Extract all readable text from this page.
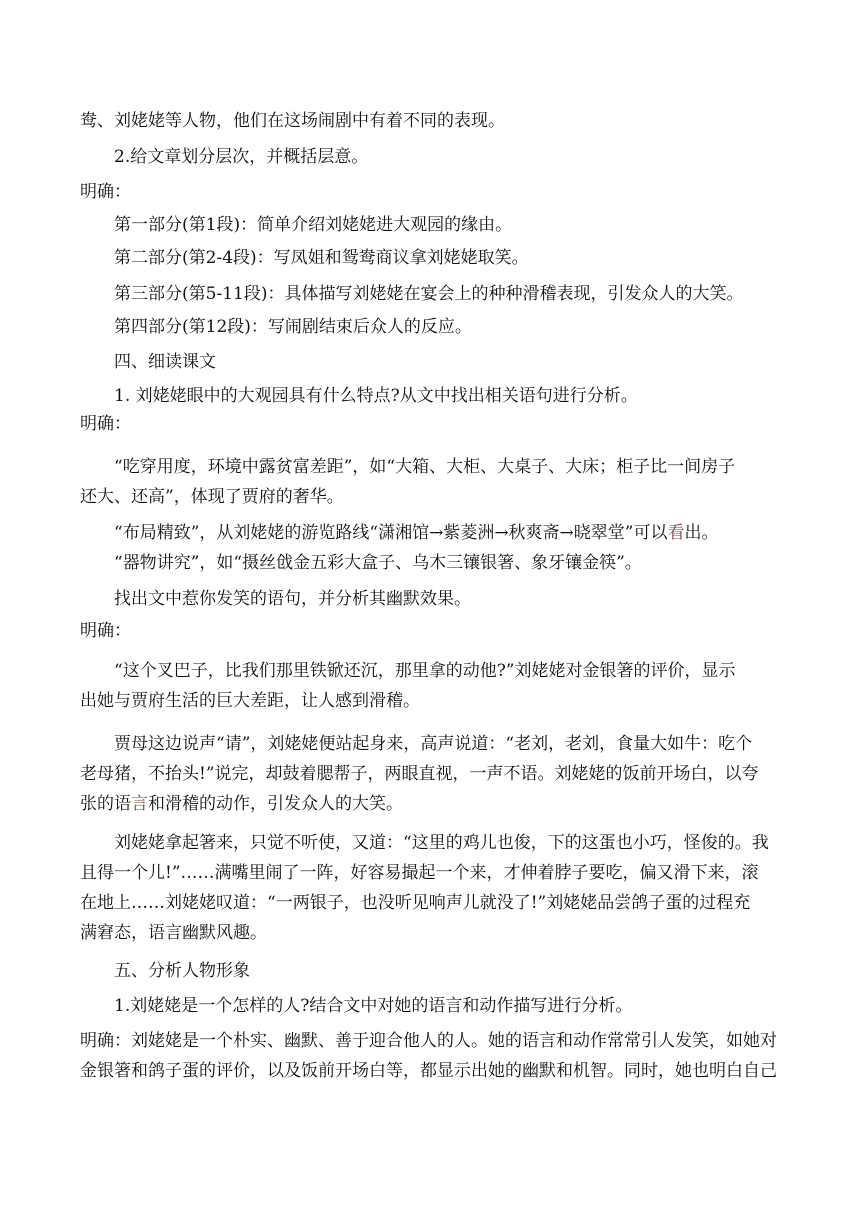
鸯、刘姥姥等人物，他们在这场闹剧中有着不同的表现。
2.给文章划分层次，并概括层意。
明确：
第一部分(第1段)：简单介绍刘姥姥进大观园的缘由。
第二部分(第2-4段)：写凤姐和鸳鸯商议拿刘姥姥取笑。
第三部分(第5-11段)：具体描写刘姥姥在宴会上的种种滑稽表现，引发众人的大笑。
第四部分(第12段)：写闹剧结束后众人的反应。
四、细读课文
1. 刘姥姥眼中的大观园具有什么特点?从文中找出相关语句进行分析。
明确：
“吃穿用度，环境中露贫富差距”，如“大箱、大柜、大桌子、大床；柜子比一间房子
还大、还高”，体现了贾府的奢华。
“布局精致”，从刘姥姥的游览路线“潇湘馆→紫菱洲→秋爽斋→晓翠堂”可以看出。
“器物讲究”，如“摄丝戗金五彩大盒子、乌木三镶银箸、象牙镶金筷”。
找出文中惹你发笑的语句，并分析其幽默效果。
明确：
“这个叉巴子，比我们那里铁锨还沉，那里拿的动他?”刘姥姥对金银箸的评价，显示
出她与贾府生活的巨大差距，让人感到滑稽。
贾母这边说声“请”，刘姥姥便站起身来，高声说道：“老刘，老刘，食量大如牛：吃个
老母猪，不抬头!”说完，却鼓着腮帮子，两眼直视，一声不语。刘姥姥的饭前开场白，以夸
张的语言和滑稽的动作，引发众人的大笑。
刘姥姥拿起箸来，只觉不听使，又道：“这里的鸡儿也俊，下的这蛋也小巧，怪俊的。我
且得一个儿!”……满嘴里闹了一阵，好容易撮起一个来，才伸着脖子要吃，偏又滑下来，滚
在地上……刘姥姥叹道：“一两银子，也没听见响声儿就没了!”刘姥姥品尝鸽子蛋的过程充
满窘态，语言幽默风趣。
五、分析人物形象
1.刘姥姥是一个怎样的人?结合文中对她的语言和动作描写进行分析。
明确：刘姥姥是一个朴实、幽默、善于迎合他人的人。她的语言和动作常常引人发笑，如她对
金银箸和鸽子蛋的评价，以及饭前开场白等，都显示出她的幽默和机智。同时，她也明白自己
